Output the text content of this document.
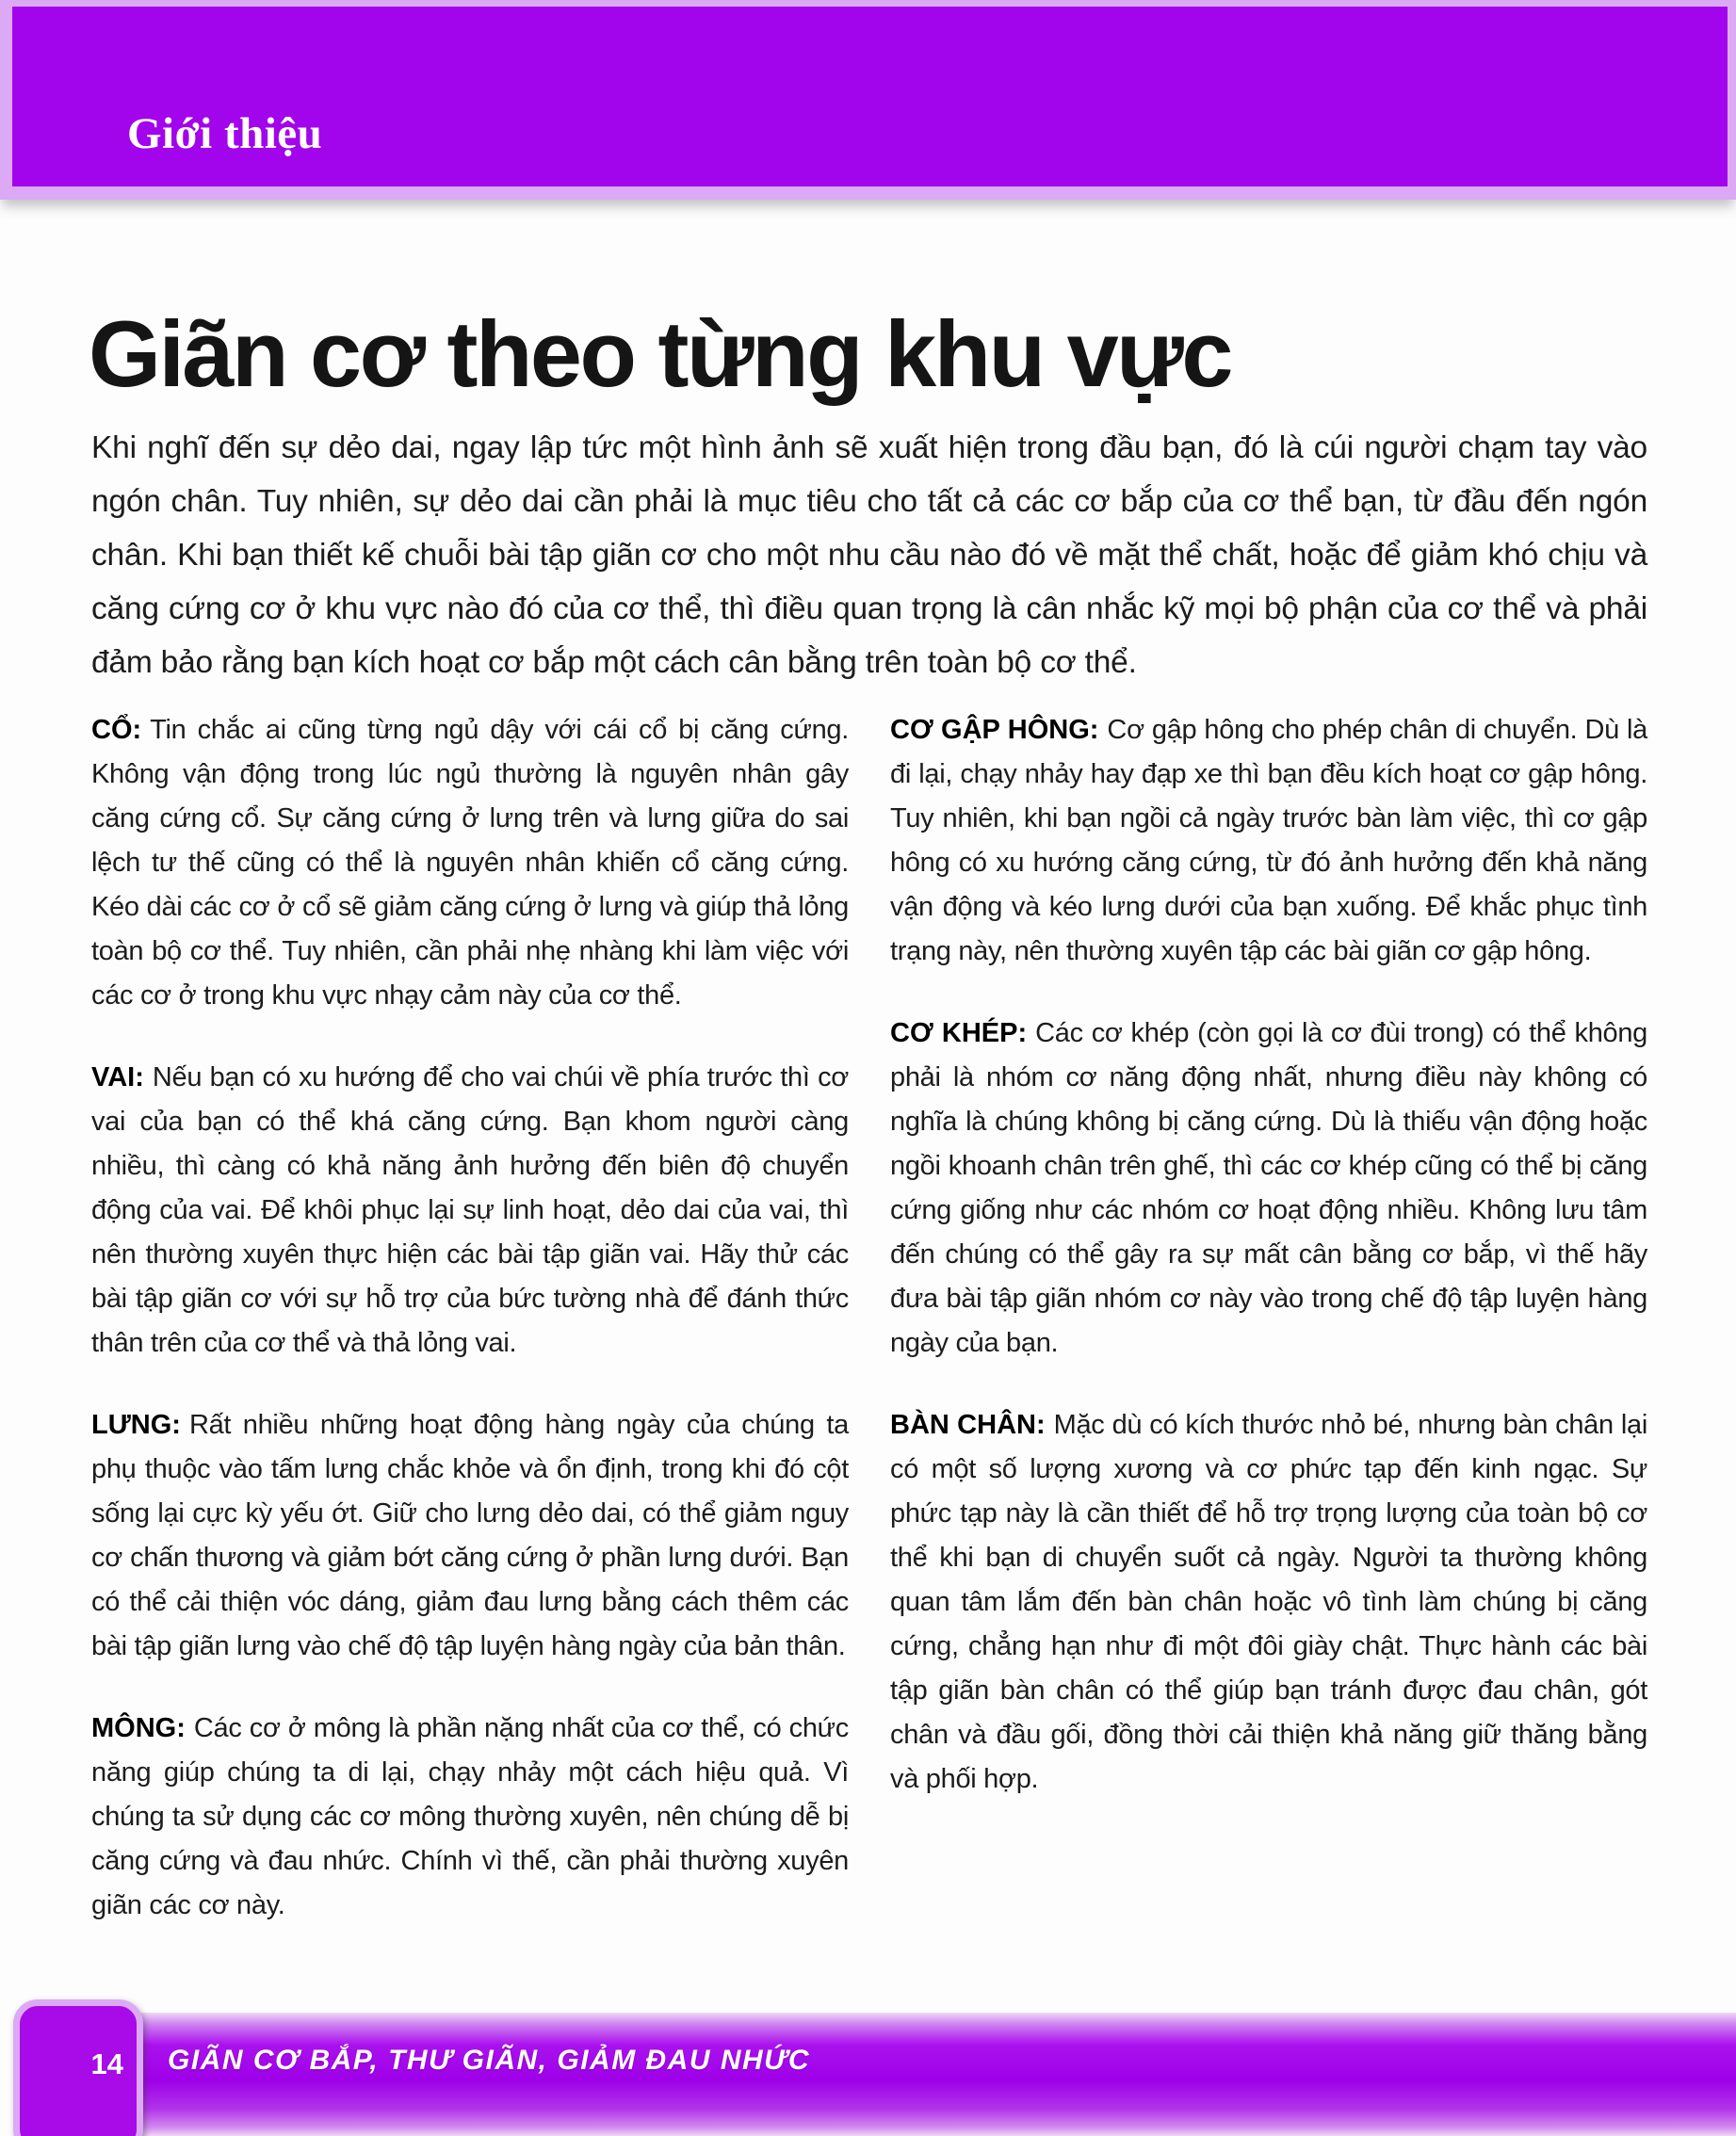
Giới thiệu
Giãn cơ theo từng khu vực

Khi nghĩ đến sự dẻo dai, ngay lập tức một hình ảnh sẽ xuất hiện trong đầu bạn, đó là cúi người chạm tay vào ngón chân. Tuy nhiên, sự dẻo dai cần phải là mục tiêu cho tất cả các cơ bắp của cơ thể bạn, từ đầu đến ngón chân. Khi bạn thiết kế chuỗi bài tập giãn cơ cho một nhu cầu nào đó về mặt thể chất, hoặc để giảm khó chịu và căng cứng cơ ở khu vực nào đó của cơ thể, thì điều quan trọng là cân nhắc kỹ mọi bộ phận của cơ thể và phải đảm bảo rằng bạn kích hoạt cơ bắp một cách cân bằng trên toàn bộ cơ thể.

CỔ: Tin chắc ai cũng từng ngủ dậy với cái cổ bị căng cứng. Không vận động trong lúc ngủ thường là nguyên nhân gây căng cứng cổ. Sự căng cứng ở lưng trên và lưng giữa do sai lệch tư thế cũng có thể là nguyên nhân khiến cổ căng cứng. Kéo dài các cơ ở cổ sẽ giảm căng cứng ở lưng và giúp thả lỏng toàn bộ cơ thể. Tuy nhiên, cần phải nhẹ nhàng khi làm việc với các cơ ở trong khu vực nhạy cảm này của cơ thể.

VAI: Nếu bạn có xu hướng để cho vai chúi về phía trước thì cơ vai của bạn có thể khá căng cứng. Bạn khom người càng nhiều, thì càng có khả năng ảnh hưởng đến biên độ chuyển động của vai. Để khôi phục lại sự linh hoạt, dẻo dai của vai, thì nên thường xuyên thực hiện các bài tập giãn vai. Hãy thử các bài tập giãn cơ với sự hỗ trợ của bức tường nhà để đánh thức thân trên của cơ thể và thả lỏng vai.

LƯNG: Rất nhiều những hoạt động hàng ngày của chúng ta phụ thuộc vào tấm lưng chắc khỏe và ổn định, trong khi đó cột sống lại cực kỳ yếu ớt. Giữ cho lưng dẻo dai, có thể giảm nguy cơ chấn thương và giảm bớt căng cứng ở phần lưng dưới. Bạn có thể cải thiện vóc dáng, giảm đau lưng bằng cách thêm các bài tập giãn lưng vào chế độ tập luyện hàng ngày của bản thân.

MÔNG: Các cơ ở mông là phần nặng nhất của cơ thể, có chức năng giúp chúng ta di lại, chạy nhảy một cách hiệu quả. Vì chúng ta sử dụng các cơ mông thường xuyên, nên chúng dễ bị căng cứng và đau nhức. Chính vì thế, cần phải thường xuyên giãn các cơ này.

CƠ GẬP HÔNG: Cơ gập hông cho phép chân di chuyển. Dù là đi lại, chạy nhảy hay đạp xe thì bạn đều kích hoạt cơ gập hông. Tuy nhiên, khi bạn ngồi cả ngày trước bàn làm việc, thì cơ gập hông có xu hướng căng cứng, từ đó ảnh hưởng đến khả năng vận động và kéo lưng dưới của bạn xuống. Để khắc phục tình trạng này, nên thường xuyên tập các bài giãn cơ gập hông.

CƠ KHÉP: Các cơ khép (còn gọi là cơ đùi trong) có thể không phải là nhóm cơ năng động nhất, nhưng điều này không có nghĩa là chúng không bị căng cứng. Dù là thiếu vận động hoặc ngồi khoanh chân trên ghế, thì các cơ khép cũng có thể bị căng cứng giống như các nhóm cơ hoạt động nhiều. Không lưu tâm đến chúng có thể gây ra sự mất cân bằng cơ bắp, vì thế hãy đưa bài tập giãn nhóm cơ này vào trong chế độ tập luyện hàng ngày của bạn.

BÀN CHÂN: Mặc dù có kích thước nhỏ bé, nhưng bàn chân lại có một số lượng xương và cơ phức tạp đến kinh ngạc. Sự phức tạp này là cần thiết để hỗ trợ trọng lượng của toàn bộ cơ thể khi bạn di chuyển suốt cả ngày. Người ta thường không quan tâm lắm đến bàn chân hoặc vô tình làm chúng bị căng cứng, chẳng hạn như đi một đôi giày chật. Thực hành các bài tập giãn bàn chân có thể giúp bạn tránh được đau chân, gót chân và đầu gối, đồng thời cải thiện khả năng giữ thăng bằng và phối hợp.

GIÃN CƠ BẮP, THƯ GIÃN, GIẢM ĐAU NHỨC
14
